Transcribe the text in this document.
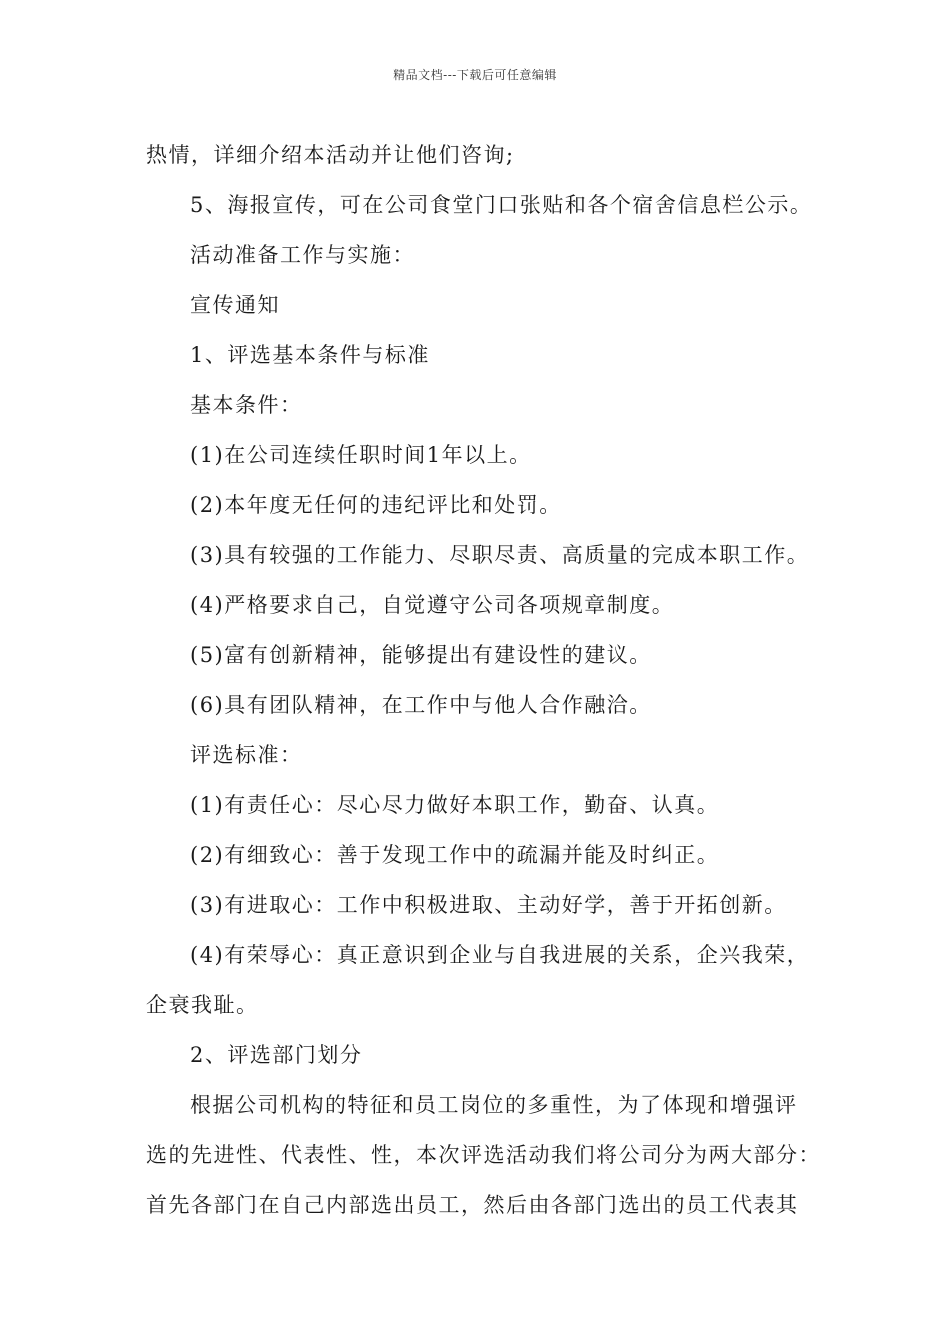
精品文档---下载后可任意编辑

热情，详细介绍本活动并让他们咨询;

5、海报宣传，可在公司食堂门口张贴和各个宿舍信息栏公示。

活动准备工作与实施：

宣传通知

1、评选基本条件与标准

基本条件：

(1)在公司连续任职时间1年以上。

(2)本年度无任何的违纪评比和处罚。

(3)具有较强的工作能力、尽职尽责、高质量的完成本职工作。

(4)严格要求自己，自觉遵守公司各项规章制度。

(5)富有创新精神，能够提出有建设性的建议。

(6)具有团队精神，在工作中与他人合作融洽。

评选标准：

(1)有责任心：尽心尽力做好本职工作，勤奋、认真。

(2)有细致心：善于发现工作中的疏漏并能及时纠正。

(3)有进取心：工作中积极进取、主动好学，善于开拓创新。

(4)有荣辱心：真正意识到企业与自我进展的关系，企兴我荣，

企衰我耻。

2、评选部门划分

根据公司机构的特征和员工岗位的多重性，为了体现和增强评

选的先进性、代表性、性，本次评选活动我们将公司分为两大部分：

首先各部门在自己内部选出员工，然后由各部门选出的员工代表其
